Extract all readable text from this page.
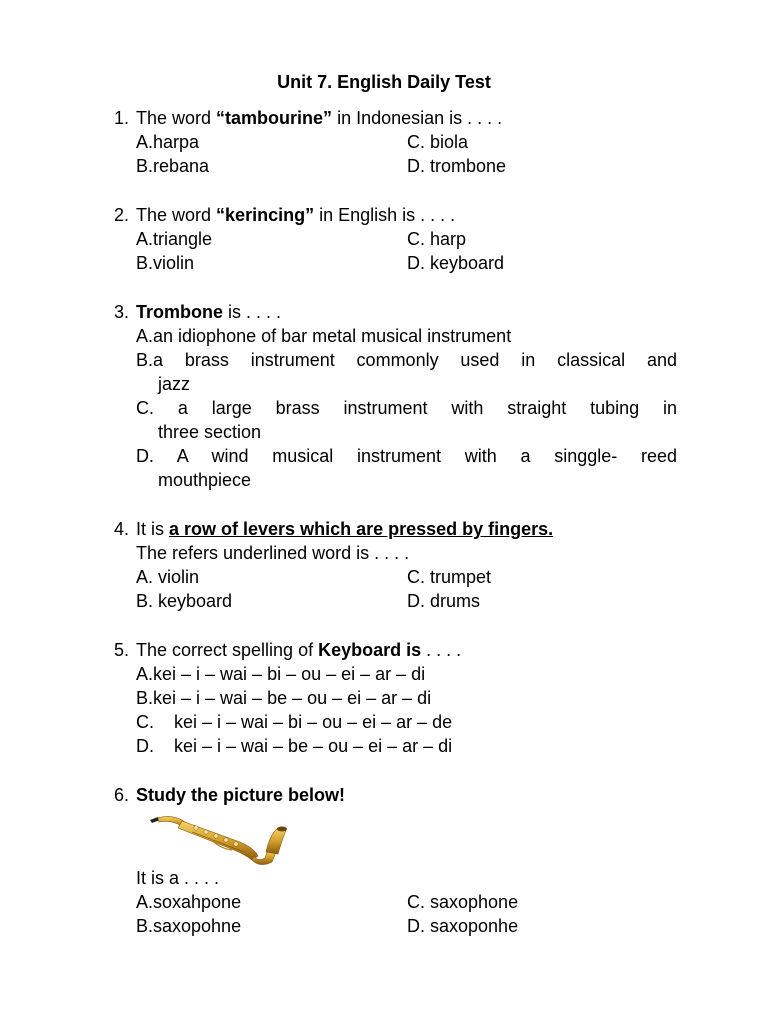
Unit 7. English Daily Test
1. The word “tambourine” in Indonesian is . . . .
A.harpa	C. biola
B.rebana	D. trombone
2. The word “kerincing” in English is . . . .
A.triangle	C. harp
B.violin	D. keyboard
3. Trombone is . . . .
A.an idiophone of bar metal musical instrument
B.a brass instrument commonly used in classical and
jazz
C. a large brass instrument with straight tubing in
three section
D. A wind musical instrument with a singgle- reed
mouthpiece
4. It is a row of levers which are pressed by fingers.
The refers underlined word is . . . .
A. violin	C. trumpet
B. keyboard	D. drums
5. The correct spelling of Keyboard is . . . .
A.kei – i – wai – bi – ou – ei – ar – di
B.kei – i – wai – be – ou – ei – ar – di
C.    kei – i – wai – bi – ou – ei – ar – de
D.    kei – i – wai – be – ou – ei – ar – di
6. Study the picture below!
It is a . . . .
A.soxahpone	C. saxophone
B.saxopohne	D. saxoponhe
